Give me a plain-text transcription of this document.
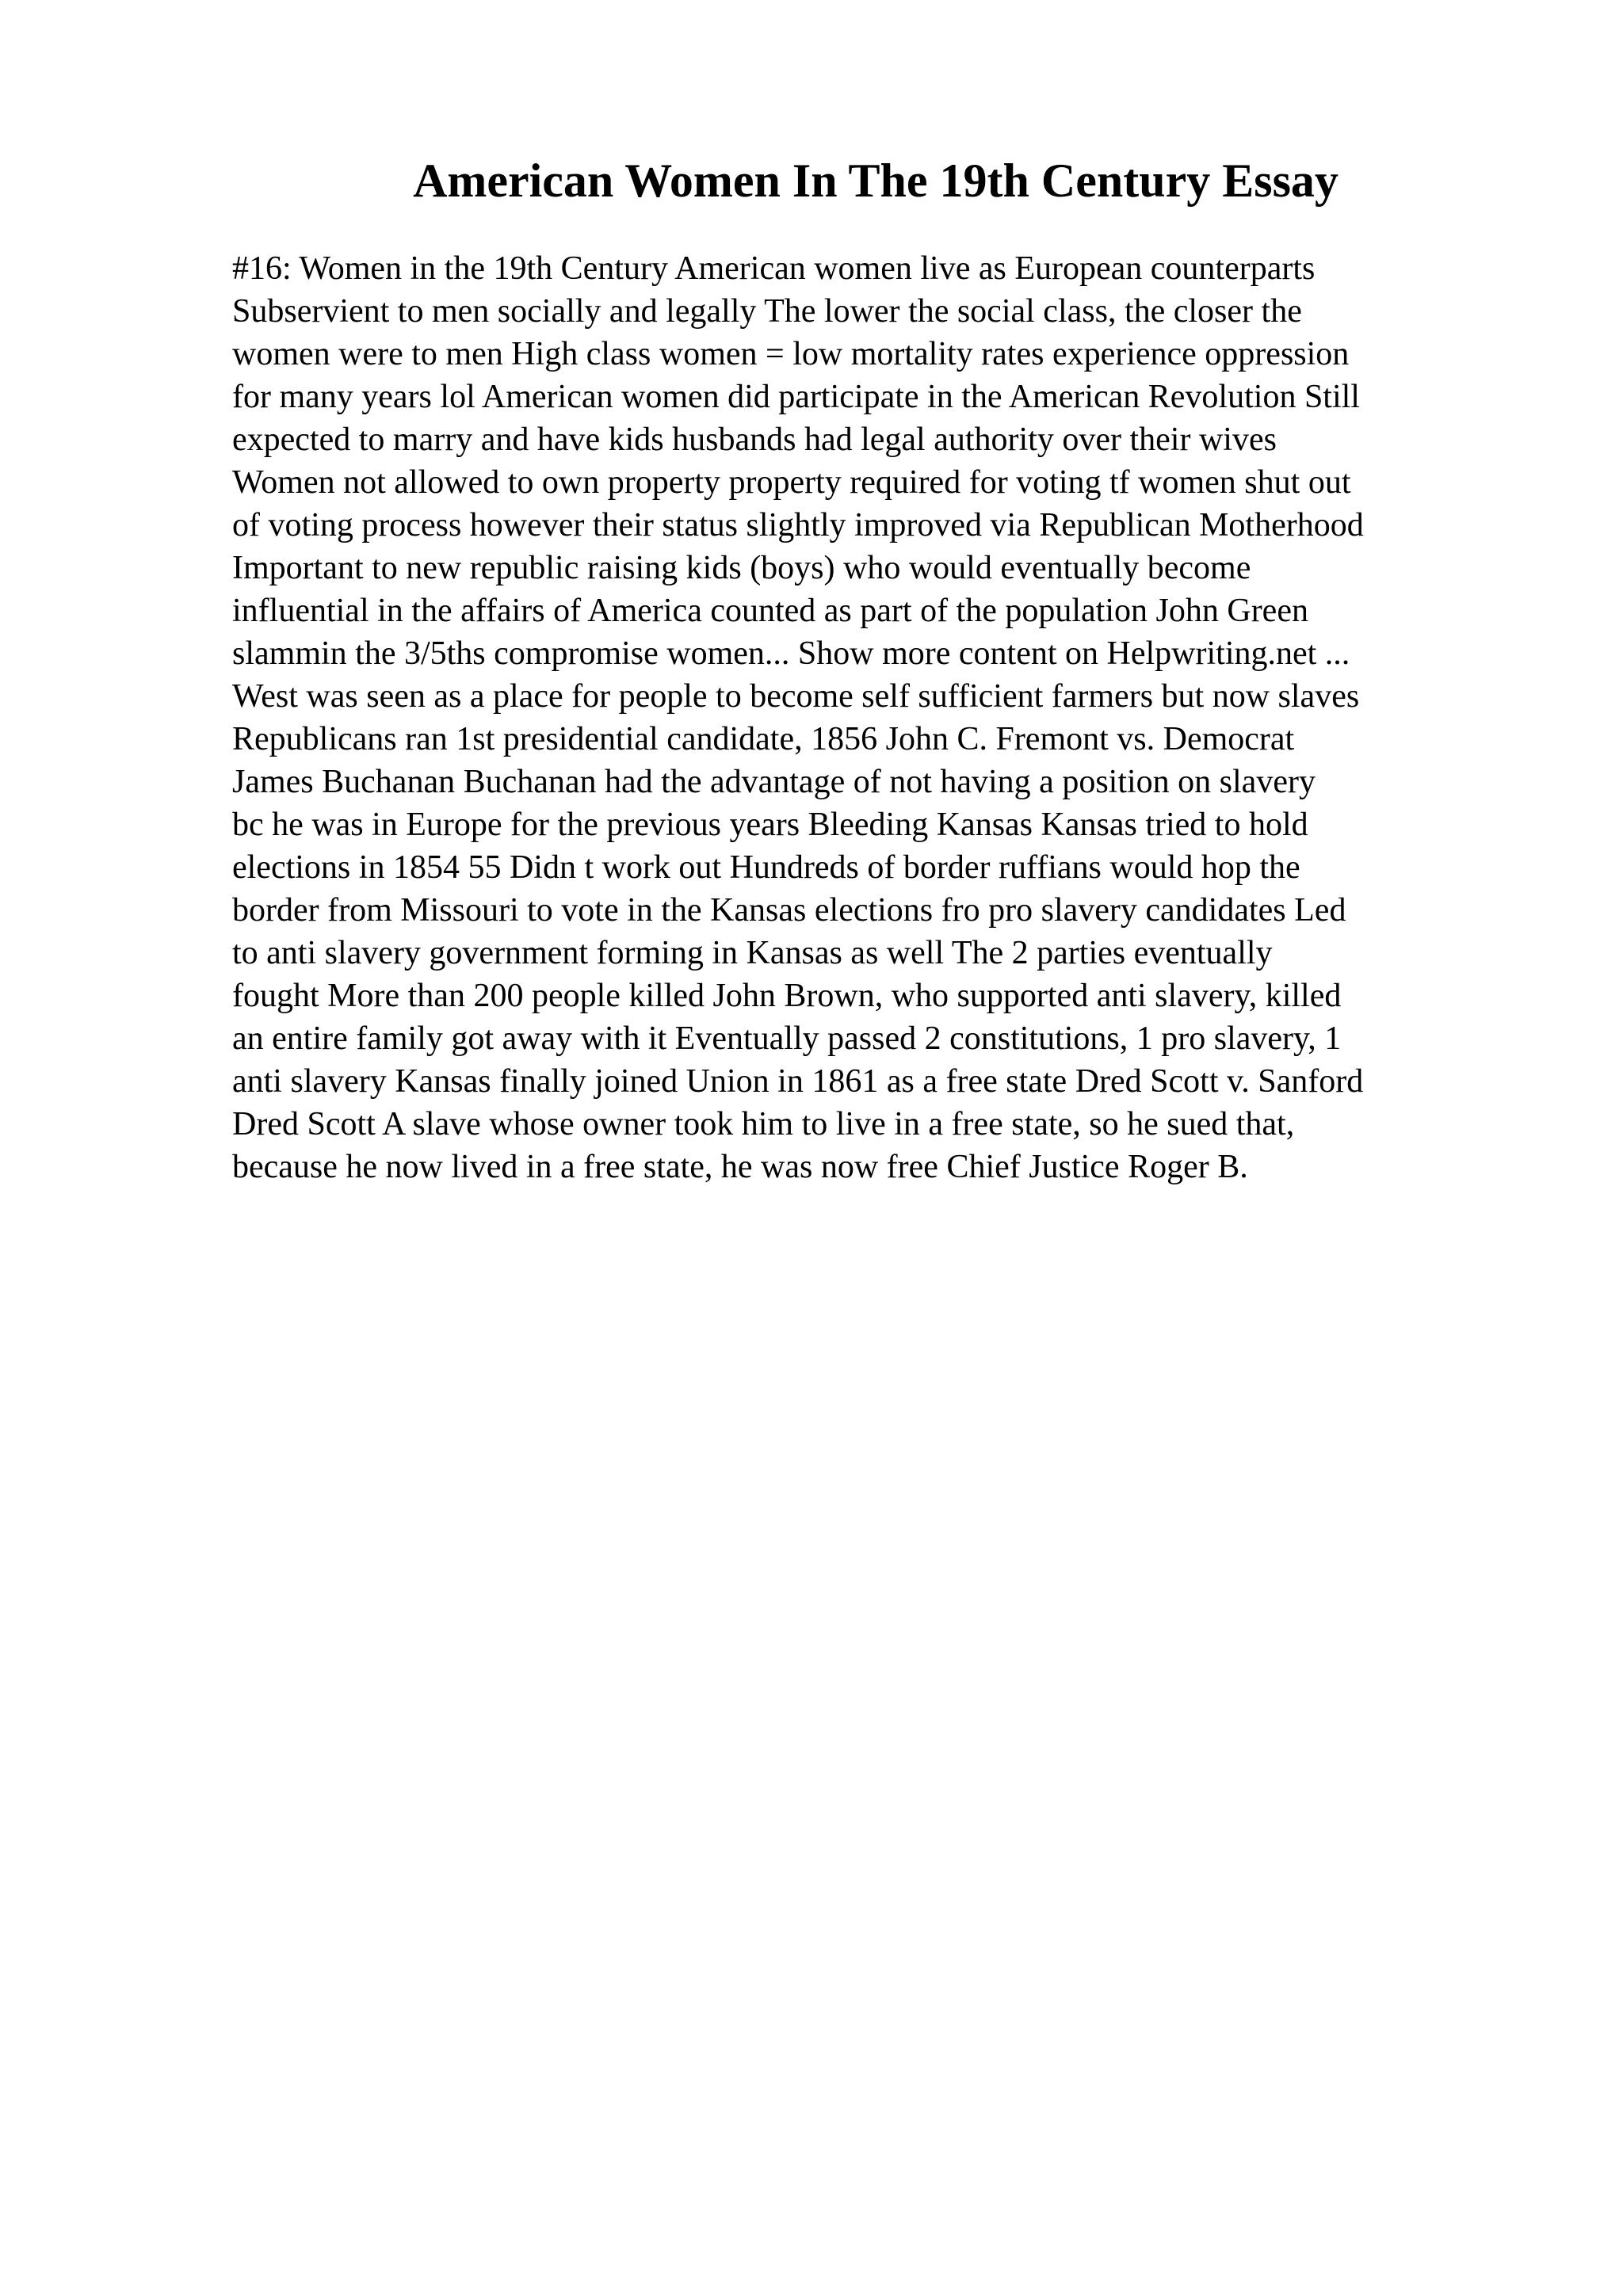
American Women In The 19th Century Essay
#16: Women in the 19th Century American women live as European counterparts
Subservient to men socially and legally The lower the social class, the closer the
women were to men High class women = low mortality rates experience oppression
for many years lol American women did participate in the American Revolution Still
expected to marry and have kids husbands had legal authority over their wives
Women not allowed to own property property required for voting tf women shut out
of voting process however their status slightly improved via Republican Motherhood
Important to new republic raising kids (boys) who would eventually become
influential in the affairs of America counted as part of the population John Green
slammin the 3/5ths compromise women... Show more content on Helpwriting.net ...
West was seen as a place for people to become self sufficient farmers but now slaves
Republicans ran 1st presidential candidate, 1856 John C. Fremont vs. Democrat
James Buchanan Buchanan had the advantage of not having a position on slavery
bc he was in Europe for the previous years Bleeding Kansas Kansas tried to hold
elections in 1854 55 Didn t work out Hundreds of border ruffians would hop the
border from Missouri to vote in the Kansas elections fro pro slavery candidates Led
to anti slavery government forming in Kansas as well The 2 parties eventually
fought More than 200 people killed John Brown, who supported anti slavery, killed
an entire family got away with it Eventually passed 2 constitutions, 1 pro slavery, 1
anti slavery Kansas finally joined Union in 1861 as a free state Dred Scott v. Sanford
Dred Scott A slave whose owner took him to live in a free state, so he sued that,
because he now lived in a free state, he was now free Chief Justice Roger B.
